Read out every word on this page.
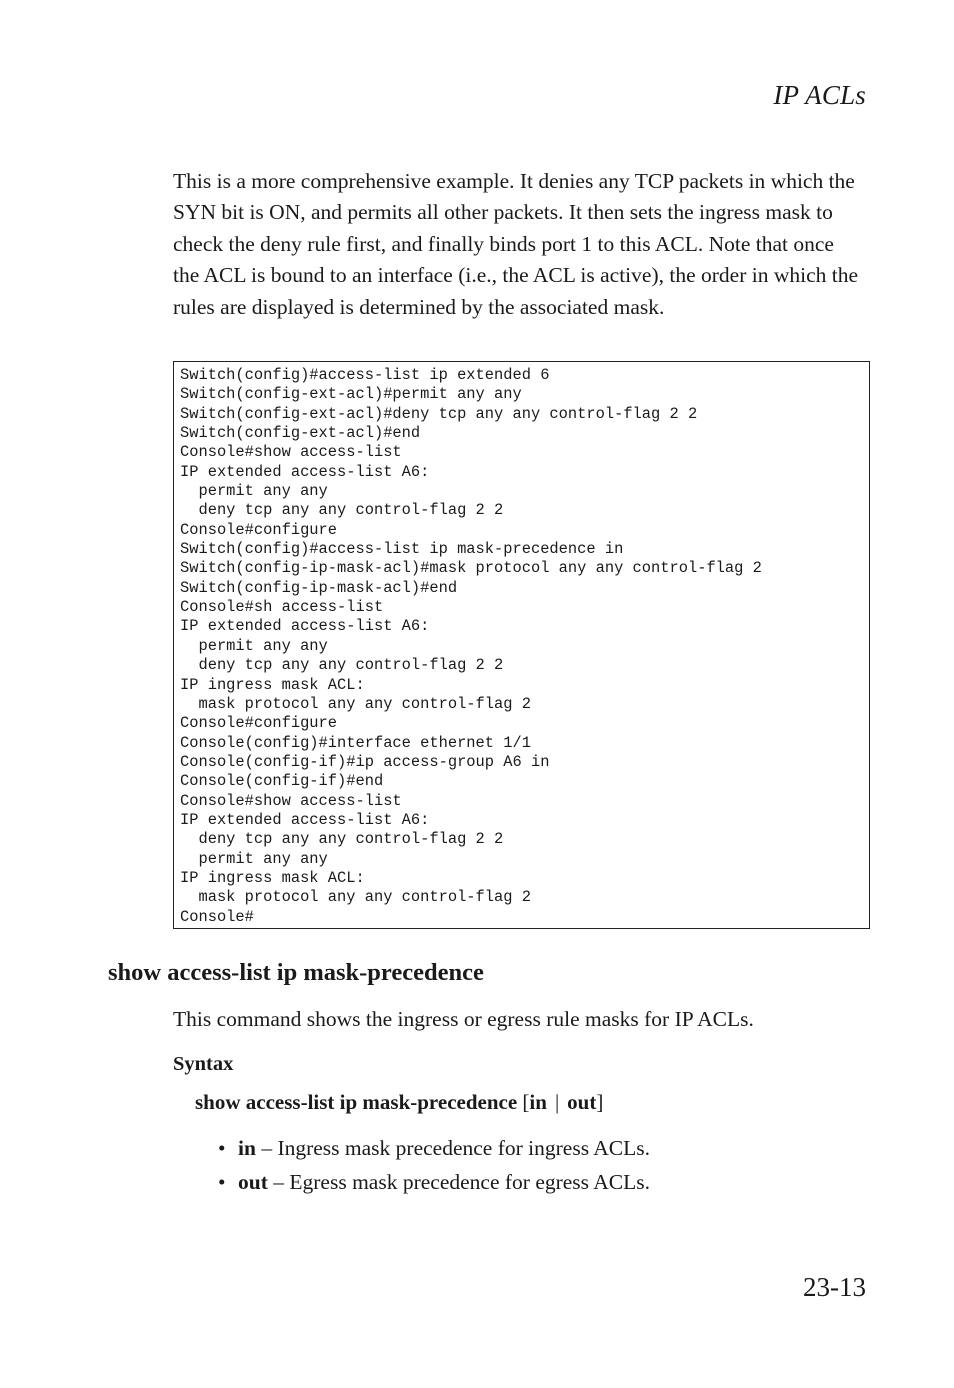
IP ACLs

This is a more comprehensive example. It denies any TCP packets in which the SYN bit is ON, and permits all other packets. It then sets the ingress mask to check the deny rule first, and finally binds port 1 to this ACL. Note that once the ACL is bound to an interface (i.e., the ACL is active), the order in which the rules are displayed is determined by the associated mask.

Switch(config)#access-list ip extended 6
Switch(config-ext-acl)#permit any any
Switch(config-ext-acl)#deny tcp any any control-flag 2 2
Switch(config-ext-acl)#end
Console#show access-list
IP extended access-list A6:
permit any any
deny tcp any any control-flag 2 2
Console#configure
Switch(config)#access-list ip mask-precedence in
Switch(config-ip-mask-acl)#mask protocol any any control-flag 2
Switch(config-ip-mask-acl)#end
Console#sh access-list
IP extended access-list A6:
permit any any
deny tcp any any control-flag 2 2
IP ingress mask ACL:
mask protocol any any control-flag 2
Console#configure
Console(config)#interface ethernet 1/1
Console(config-if)#ip access-group A6 in
Console(config-if)#end
Console#show access-list
IP extended access-list A6:
deny tcp any any control-flag 2 2
permit any any
IP ingress mask ACL:
mask protocol any any control-flag 2
Console#
show access-list ip mask-precedence

This command shows the ingress or egress rule masks for IP ACLs.

Syntax

show access-list ip mask-precedence [in | out]

• in – Ingress mask precedence for ingress ACLs.
• out – Egress mask precedence for egress ACLs.
23-13
